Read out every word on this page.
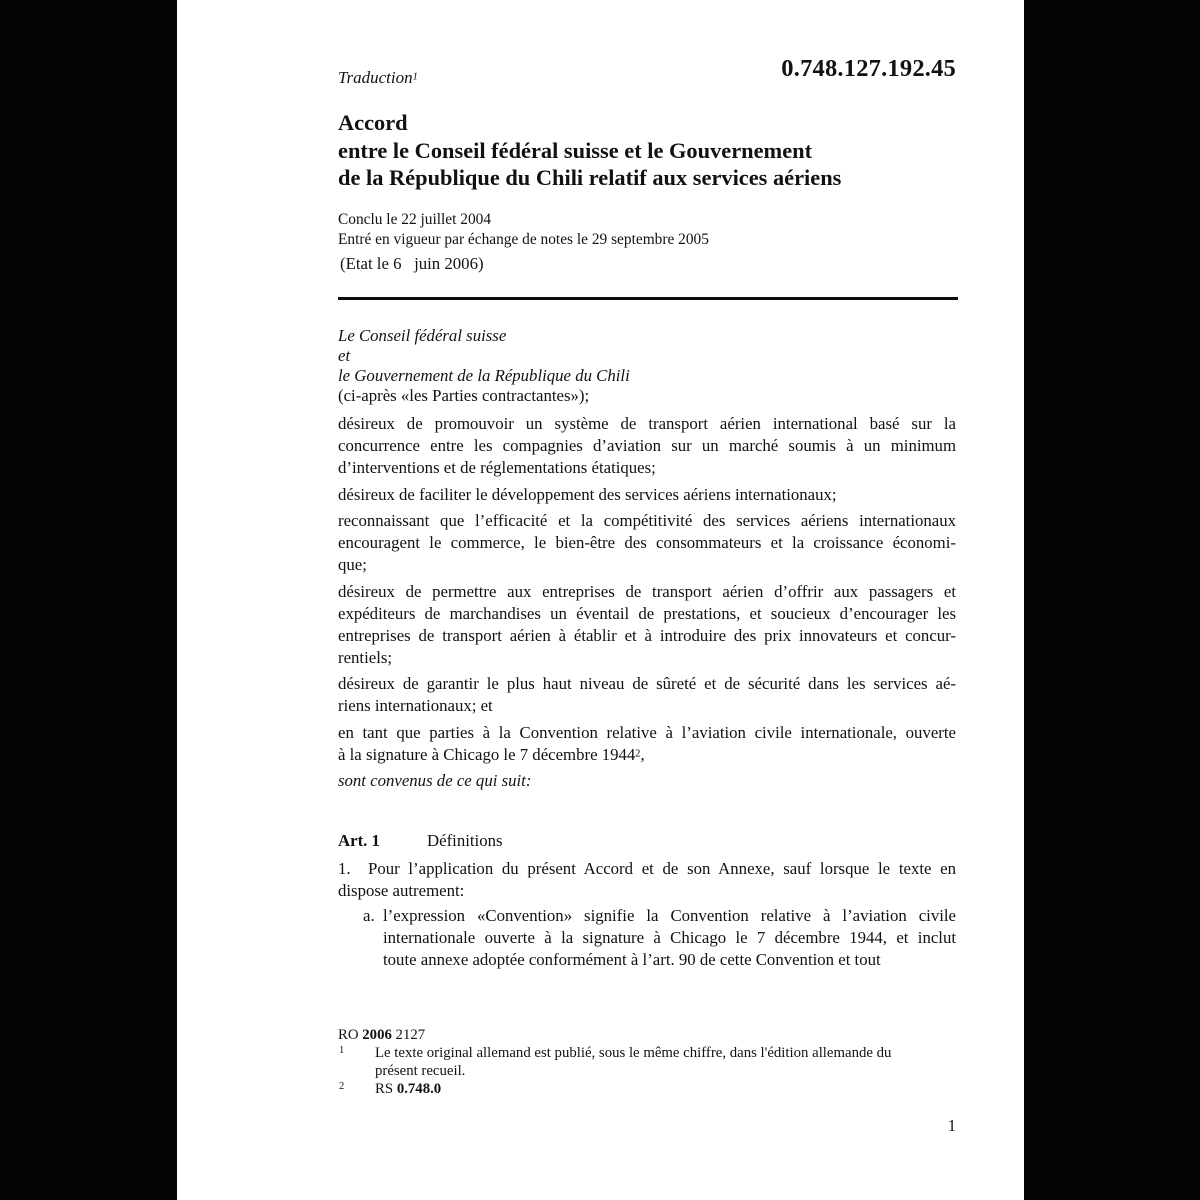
Traduction$^1$	0.748.127.192.45
Accord
entre le Conseil fédéral suisse et le Gouvernement
de la République du Chili relatif aux services aériens
Conclu le 22 juillet 2004
Entré en vigueur par échange de notes le 29 septembre 2005
(Etat le 6   juin 2006)
Le Conseil fédéral suisse
et
le Gouvernement de la République du Chili
(ci-après «les Parties contractantes»);
désireux de promouvoir un système de transport aérien international basé sur la
concurrence entre les compagnies d’aviation sur un marché soumis à un minimum
d’interventions et de réglementations étatiques;
désireux de faciliter le développement des services aériens internationaux;
reconnaissant que l’efficacité et la compétitivité des services aériens internationaux
encouragent le commerce, le bien-être des consommateurs et la croissance économi-
que;
désireux de permettre aux entreprises de transport aérien d’offrir aux passagers et
expéditeurs de marchandises un éventail de prestations, et soucieux d’encourager les
entreprises de transport aérien à établir et à introduire des prix innovateurs et concur-
rentiels;
désireux de garantir le plus haut niveau de sûreté et de sécurité dans les services aé-
riens internationaux; et
en tant que parties à la Convention relative à l’aviation civile internationale, ouverte
à la signature à Chicago le 7 décembre 1944$^2$,
sont convenus de ce qui suit:
Art. 1	Définitions
1.  Pour l’application du présent Accord et de son Annexe, sauf lorsque le texte en
dispose autrement:
a. l’expression «Convention» signifie la Convention relative à l’aviation civile
internationale ouverte à la signature à Chicago le 7 décembre 1944, et inclut
toute annexe adoptée conformément à l’art. 90 de cette Convention et tout
RO 2006 2127
1 Le texte original allemand est publié, sous le même chiffre, dans l'édition allemande du
présent recueil.
2 RS 0.748.0
1
